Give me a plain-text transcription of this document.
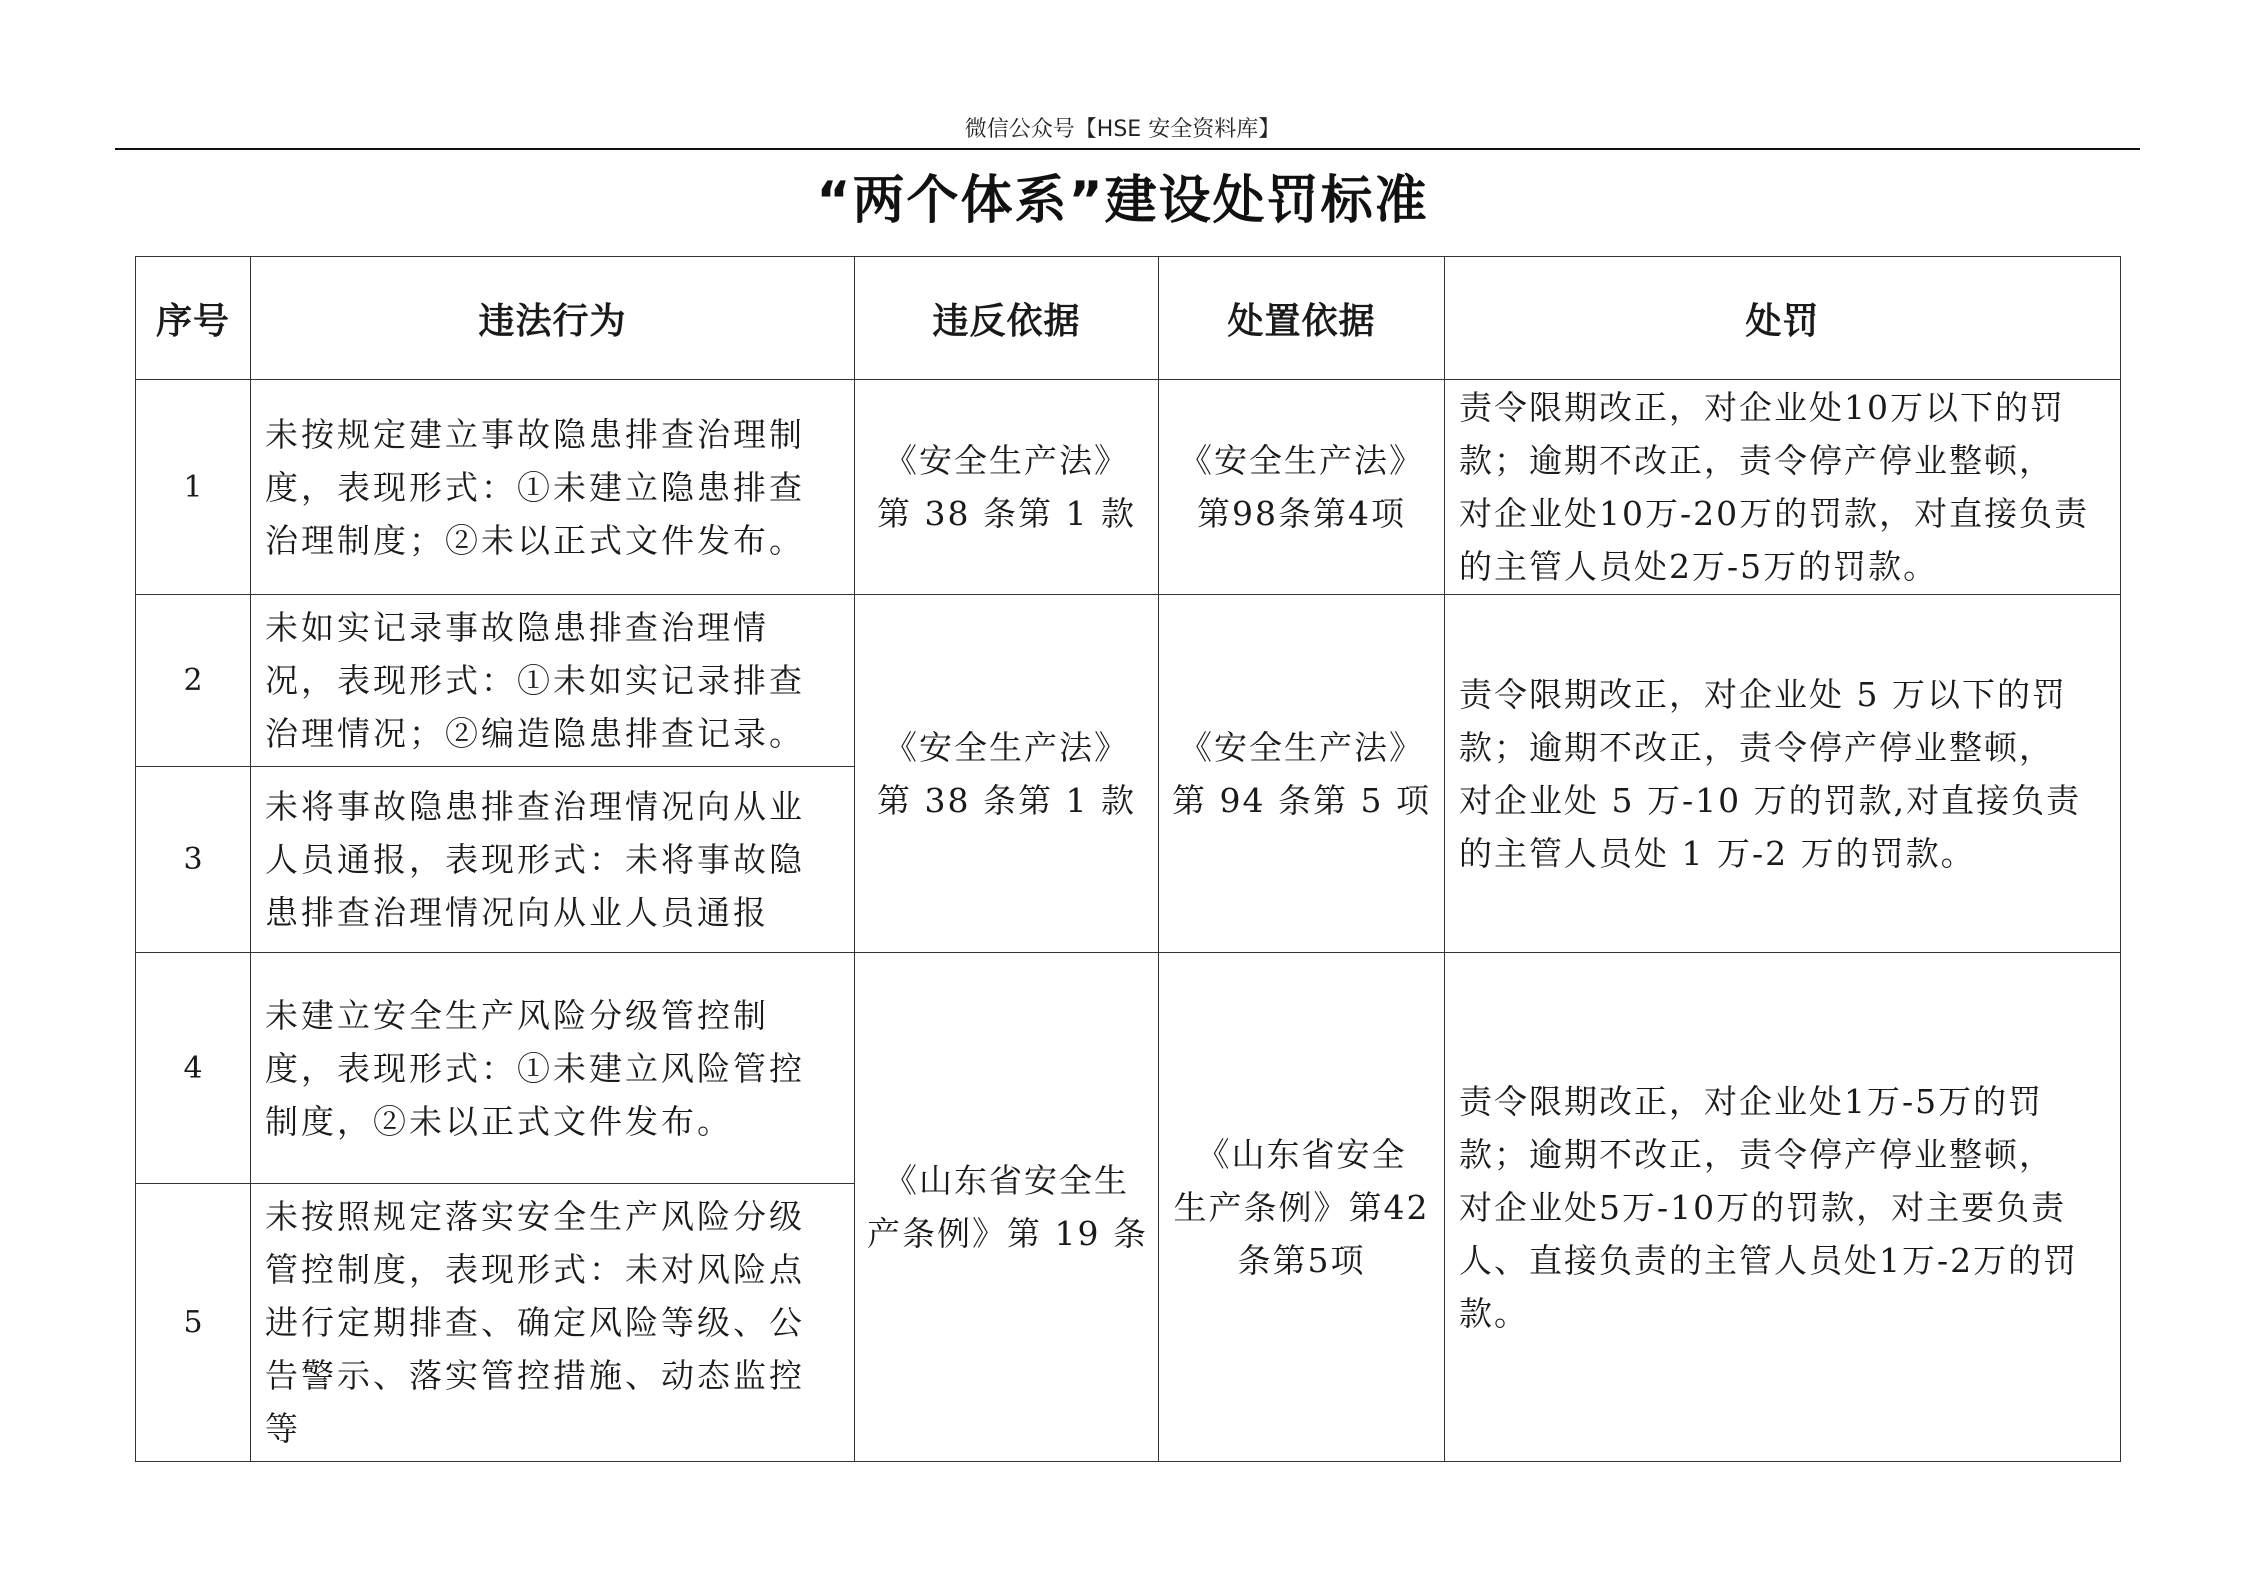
微信公众号【HSE 安全资料库】
“两个体系”建设处罚标准
序号	违法行为	违反依据	处置依据	处罚
1	未按规定建立事故隐患排查治理制
度，表现形式：①未建立隐患排查
治理制度；②未以正式文件发布。	《安全生产法》
第 38 条第 1 款	《安全生产法》
第98条第4项	责令限期改正，对企业处10万以下的罚
款；逾期不改正，责令停产停业整顿，
对企业处10万-20万的罚款，对直接负责
的主管人员处2万-5万的罚款。

2	未如实记录事故隐患排查治理情
况，表现形式：①未如实记录排查
治理情况；②编造隐患排查记录。	《安全生产法》
第 38 条第 1 款	《安全生产法》
第 94 条第 5 项	责令限期改正，对企业处 5 万以下的罚
款；逾期不改正，责令停产停业整顿，
对企业处 5 万-10 万的罚款,对直接负责
的主管人员处 1 万-2 万的罚款。

3	未将事故隐患排查治理情况向从业
人员通报，表现形式：未将事故隐
患排查治理情况向从业人员通报			

4	未建立安全生产风险分级管控制
度，表现形式：①未建立风险管控
制度，②未以正式文件发布。	《山东省安全生
产条例》第 19 条	《山东省安全
生产条例》第42
条第5项	责令限期改正，对企业处1万-5万的罚
款；逾期不改正，责令停产停业整顿，
对企业处5万-10万的罚款，对主要负责
人、直接负责的主管人员处1万-2万的罚
款。

5	未按照规定落实安全生产风险分级
管控制度，表现形式：未对风险点
进行定期排查、确定风险等级、公
告警示、落实管控措施、动态监控
等			
